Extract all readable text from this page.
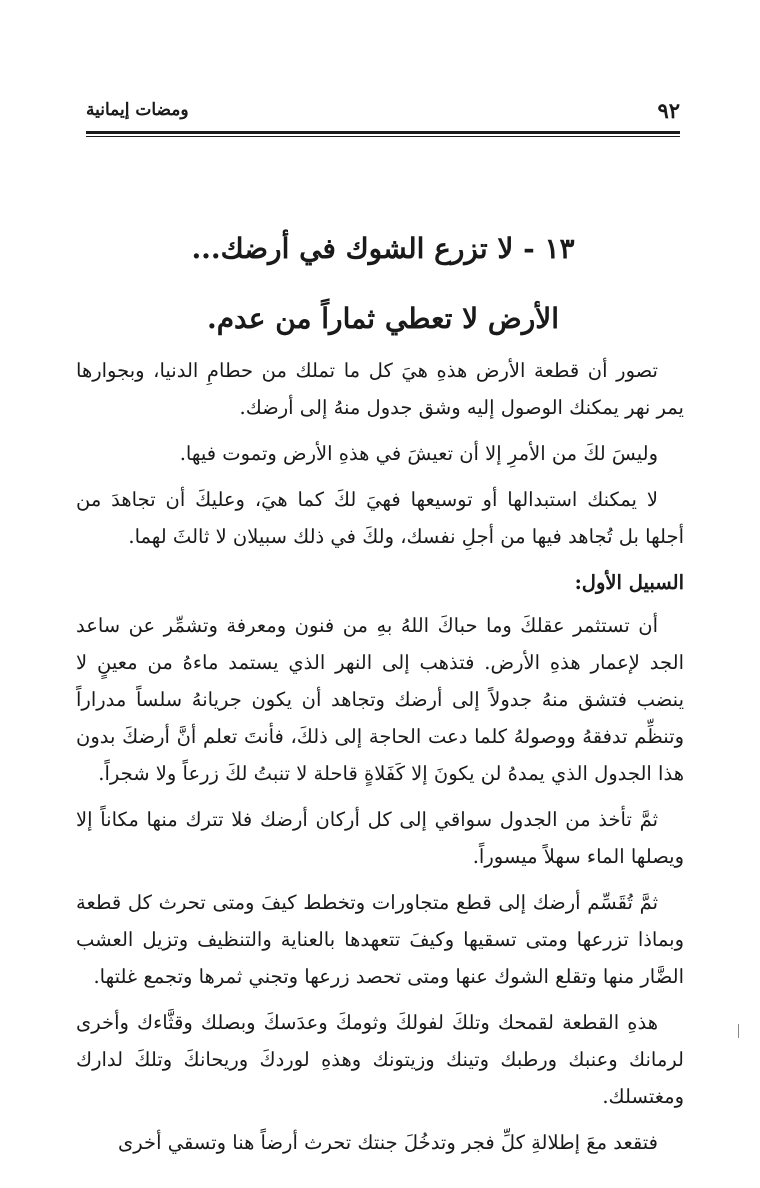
٩٢
ومضات إيمانية
١٣ - لا تزرع الشوك في أرضك...
الأرض لا تعطي ثماراً من عدم.

تصور أن قطعة الأرض هذهِ هيَ كل ما تملك من حطامِ الدنيا، وبجوارها يمر نهر يمكنك الوصول إليه وشق جدول منهُ إلى أرضك.

وليسَ لكَ من الأمرِ إلا أن تعيشَ في هذهِ الأرض وتموت فيها.

لا يمكنك استبدالها أو توسيعها فهيَ لكَ كما هيَ، وعليكَ أن تجاهدَ من أجلها بل تُجاهد فيها من أجلِ نفسك، ولكَ في ذلك سبيلان لا ثالثَ لهما.

السبيل الأول:

أن تستثمر عقلكَ وما حباكَ اللهُ بهِ من فنون ومعرفة وتشمِّر عن ساعد الجد لإعمار هذهِ الأرض. فتذهب إلى النهر الذي يستمد ماءهُ من معينٍ لا ينضب فتشق منهُ جدولاً إلى أرضك وتجاهد أن يكون جريانهُ سلساً مدراراً وتنظِّم تدفقهُ ووصولهُ كلما دعت الحاجة إلى ذلكَ، فأنتَ تعلم أنَّ أرضكَ بدون هذا الجدول الذي يمدهُ لن يكونَ إلا كَفَلاةٍ قاحلة لا تنبتُ لكَ زرعاً ولا شجراً.

ثمَّ تأخذ من الجدول سواقي إلى كل أركان أرضك فلا تترك منها مكاناً إلا ويصلها الماء سهلاً ميسوراً.

ثمَّ تُقَسِّم أرضك إلى قطع متجاورات وتخطط كيفَ ومتى تحرث كل قطعة وبماذا تزرعها ومتى تسقيها وكيفَ تتعهدها بالعناية والتنظيف وتزيل العشب الضَّار منها وتقلع الشوك عنها ومتى تحصد زرعها وتجني ثمرها وتجمع غلتها.

هذهِ القطعة لقمحك وتلكَ لفولكَ وثومكَ وعدَسكَ وبصلك وقثَّاءك وأخرى لرمانك وعنبك ورطبك وتينك وزيتونك وهذهِ لوردكَ وريحانكَ وتلكَ لدارك ومغتسلك.

فتقعد معَ إطلالةِ كلِّ فجر وتدخُلَ جنتك تحرث أرضاً هنا وتسقي أخرى
